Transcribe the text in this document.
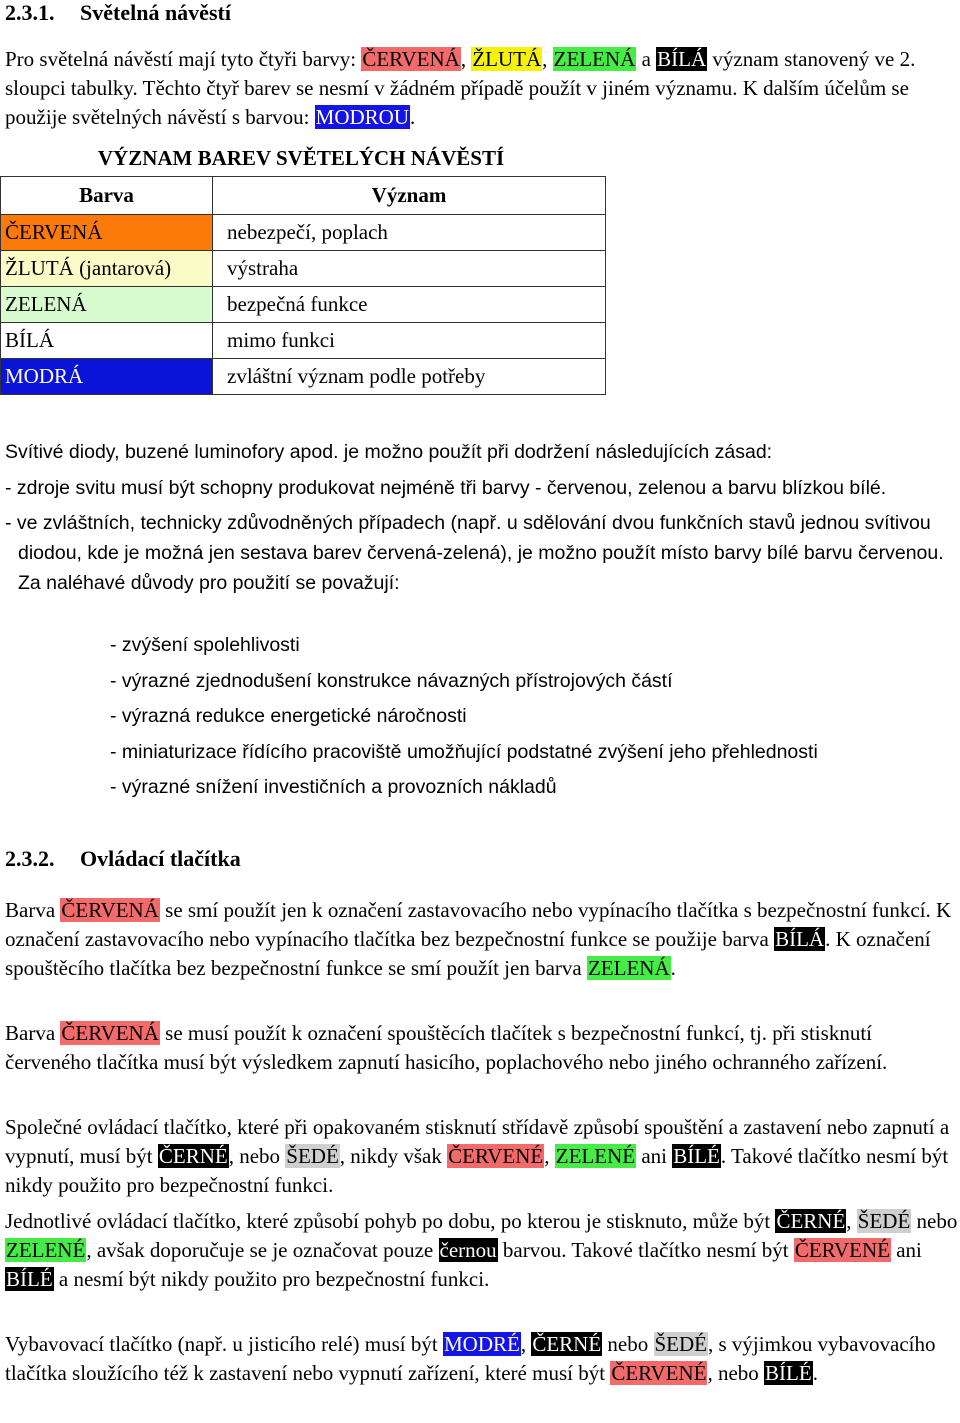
2.3.1. Světelná návěstí

Pro světelná návěstí mají tyto čtyři barvy: ČERVENÁ, ŽLUTÁ, ZELENÁ a BÍLÁ význam stanovený ve 2. sloupci tabulky. Těchto čtyř barev se nesmí v žádném případě použít v jiném významu. K dalším účelům se použije světelných návěstí s barvou: MODROU.

VÝZNAM BAREV SVĚTELÝCH NÁVĚSTÍ	
Barva	Význam
ČERVENÁ	nebezpečí, poplach
ŽLUTÁ (jantarová)	výstraha
ZELENÁ	bezpečná funkce
BÍLÁ	mimo funkci
MODRÁ	zvláštní význam podle potřeby

Svítivé diody, buzené luminofory apod. je možno použít při dodržení následujících zásad:

- zdroje svitu musí být schopny produkovat nejméně tři barvy - červenou, zelenou a barvu blízkou bílé.
- ve zvláštních, technicky zdůvodněných případech (např. u sdělování dvou funkčních stavů jednou svítivou diodou, kde je možná jen sestava barev červená-zelená), je možno použít místo barvy bílé barvu červenou. Za naléhavé důvody pro použití se považují:
- zvýšení spolehlivosti
- výrazné zjednodušení konstrukce návazných přístrojových částí
- výrazná redukce energetické náročnosti
- miniaturizace řídícího pracoviště umožňující podstatné zvýšení jeho přehlednosti
- výrazné snížení investičních a provozních nákladů
2.3.2. Ovládací tlačítka

Barva ČERVENÁ se smí použít jen k označení zastavovacího nebo vypínacího tlačítka s bezpečnostní funkcí. K označení zastavovacího nebo vypínacího tlačítka bez bezpečnostní funkce se použije barva BÍLÁ. K označení spouštěcího tlačítka bez bezpečnostní funkce se smí použít jen barva ZELENÁ.

Barva ČERVENÁ se musí použít k označení spouštěcích tlačítek s bezpečnostní funkcí, tj. při stisknutí červeného tlačítka musí být výsledkem zapnutí hasicího, poplachového nebo jiného ochranného zařízení.

Společné ovládací tlačítko, které při opakovaném stisknutí střídavě způsobí spouštění a zastavení nebo zapnutí a vypnutí, musí být ČERNÉ, nebo ŠEDÉ, nikdy však ČERVENÉ, ZELENÉ ani BÍLÉ. Takové tlačítko nesmí být nikdy použito pro bezpečnostní funkci.

Jednotlivé ovládací tlačítko, které způsobí pohyb po dobu, po kterou je stisknuto, může být ČERNÉ, ŠEDÉ nebo ZELENÉ, avšak doporučuje se je označovat pouze černou barvou. Takové tlačítko nesmí být ČERVENÉ ani BÍLÉ a nesmí být nikdy použito pro bezpečnostní funkci.

Vybavovací tlačítko (např. u jisticího relé) musí být MODRÉ, ČERNÉ nebo ŠEDÉ, s výjimkou vybavovacího tlačítka sloužícího též k zastavení nebo vypnutí zařízení, které musí být ČERVENÉ, nebo BÍLÉ.
